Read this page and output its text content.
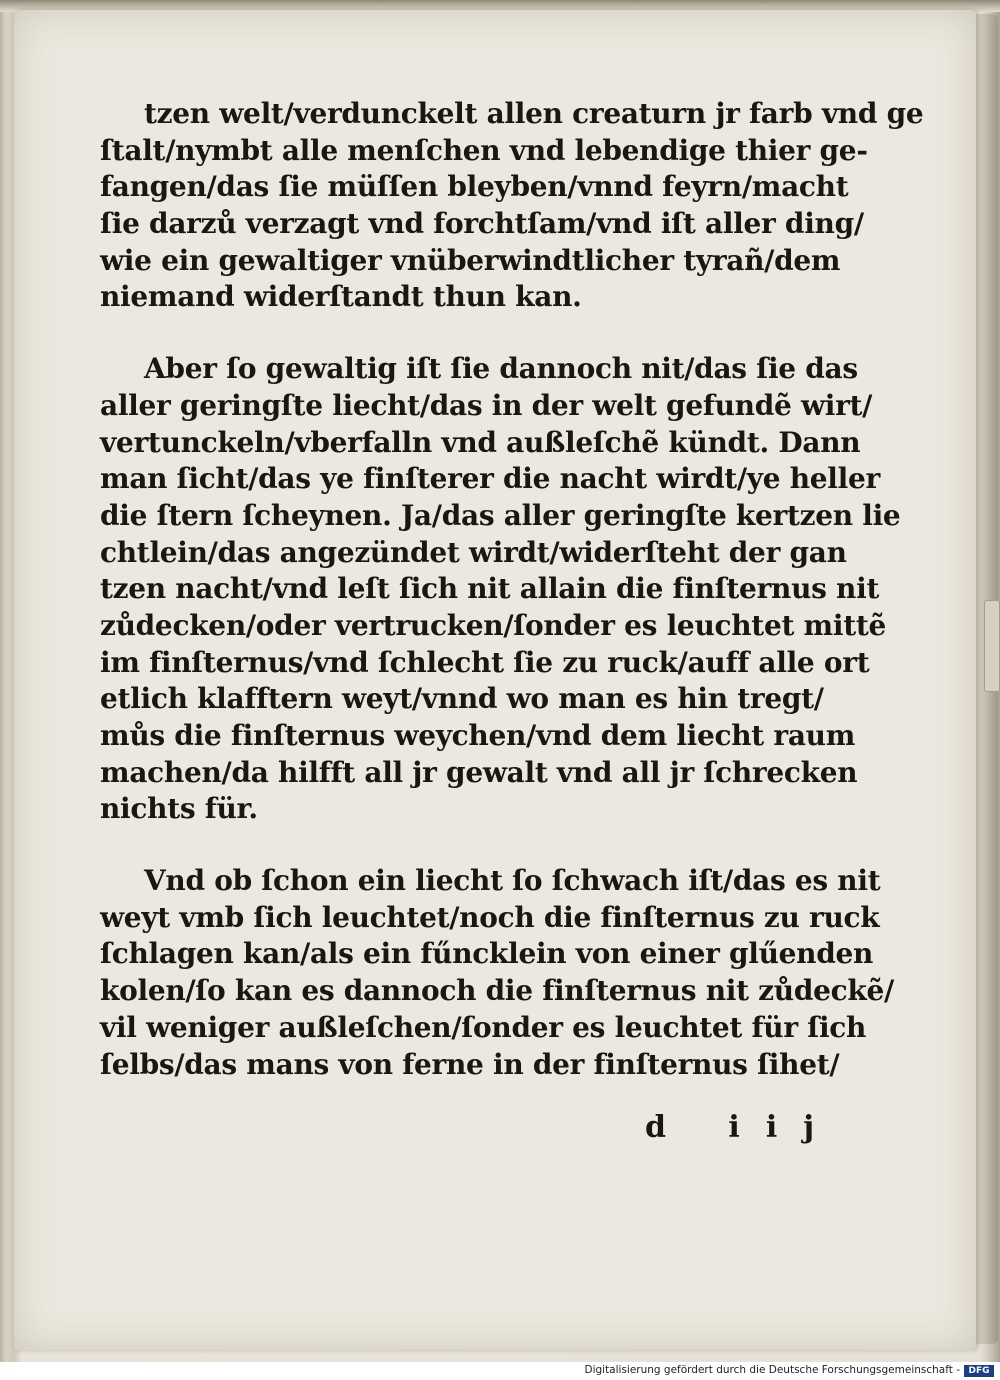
tzen welt/verdunckelt allen creaturn jr farb vnd ge
ſtalt/nymbt alle menſchen vnd lebendige thier ge-
fangen/das ſie müſſen bleyben/vnnd feyrn/macht
ſie darzů verzagt vnd forchtſam/vnd iſt aller ding/
wie ein gewaltiger vnüberwindtlicher tyrañ/dem
niemand widerſtandt thun kan.
Aber ſo gewaltig iſt ſie dannoch nit/das ſie das
aller geringſte liecht/das in der welt gefundẽ wirt/
vertunckeln/vberfalln vnd außleſchẽ kündt. Dann
man ſicht/das ye finſterer die nacht wirdt/ye heller
die ſtern ſcheynen. Ja/das aller geringſte kertzen lie
chtlein/das angezündet wirdt/widerſteht der gan
tzen nacht/vnd leſt ſich nit allain die finſternus nit
zůdecken/oder vertrucken/ſonder es leuchtet mittẽ
im finſternus/vnd ſchlecht ſie zu ruck/auff alle ort
etlich klafftern weyt/vnnd wo man es hin tregt/
můs die finſternus weychen/vnd dem liecht raum
machen/da hilfft all jr gewalt vnd all jr ſchrecken
nichts für.
Vnd ob ſchon ein liecht ſo ſchwach iſt/das es nit
weyt vmb ſich leuchtet/noch die finſternus zu ruck
ſchlagen kan/als ein fűncklein von einer glűenden
kolen/ſo kan es dannoch die finſternus nit zůdeckẽ/
vil weniger außleſchen/ſonder es leuchtet für ſich
ſelbs/das mans von ferne in der finſternus ſihet/
d iij
Digitalisierung gefördert durch die Deutsche Forschungsgemeinschaft - DFG
